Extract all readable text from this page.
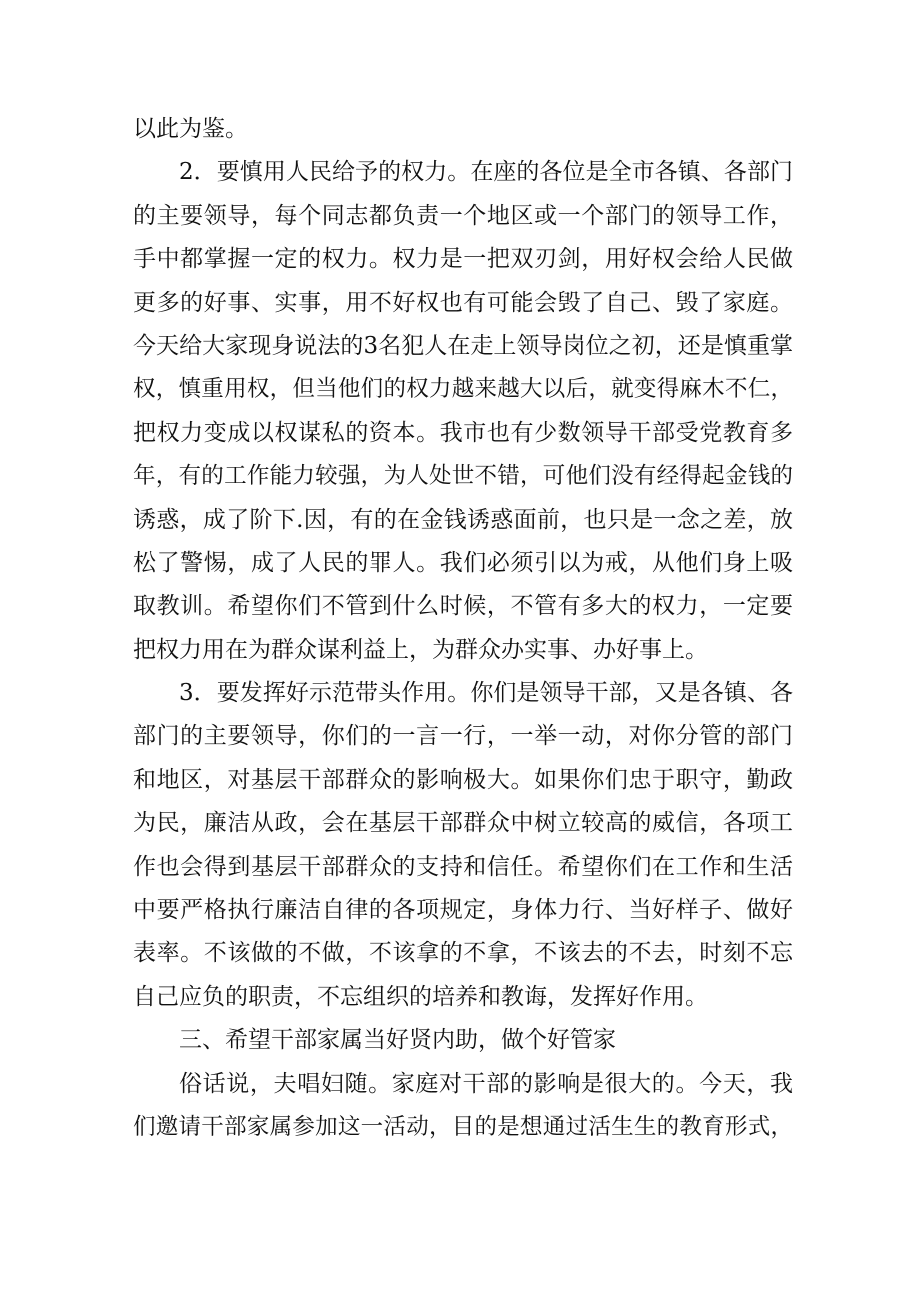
以此为鉴。
2．要慎用人民给予的权力。在座的各位是全市各镇、各部门
的主要领导，每个同志都负责一个地区或一个部门的领导工作，
手中都掌握一定的权力。权力是一把双刃剑，用好权会给人民做
更多的好事、实事，用不好权也有可能会毁了自己、毁了家庭。
今天给大家现身说法的3名犯人在走上领导岗位之初，还是慎重掌
权，慎重用权，但当他们的权力越来越大以后，就变得麻木不仁，
把权力变成以权谋私的资本。我市也有少数领导干部受党教育多
年，有的工作能力较强，为人处世不错，可他们没有经得起金钱的
诱惑，成了阶下.因，有的在金钱诱惑面前，也只是一念之差，放
松了警惕，成了人民的罪人。我们必须引以为戒，从他们身上吸
取教训。希望你们不管到什么时候，不管有多大的权力，一定要
把权力用在为群众谋利益上，为群众办实事、办好事上。
3．要发挥好示范带头作用。你们是领导干部，又是各镇、各
部门的主要领导，你们的一言一行，一举一动，对你分管的部门
和地区，对基层干部群众的影响极大。如果你们忠于职守，勤政
为民，廉洁从政，会在基层干部群众中树立较高的威信，各项工
作也会得到基层干部群众的支持和信任。希望你们在工作和生活
中要严格执行廉洁自律的各项规定，身体力行、当好样子、做好
表率。不该做的不做，不该拿的不拿，不该去的不去，时刻不忘
自己应负的职责，不忘组织的培养和教诲，发挥好作用。
三、希望干部家属当好贤内助，做个好管家
俗话说，夫唱妇随。家庭对干部的影响是很大的。今天，我
们邀请干部家属参加这一活动，目的是想通过活生生的教育形式，
